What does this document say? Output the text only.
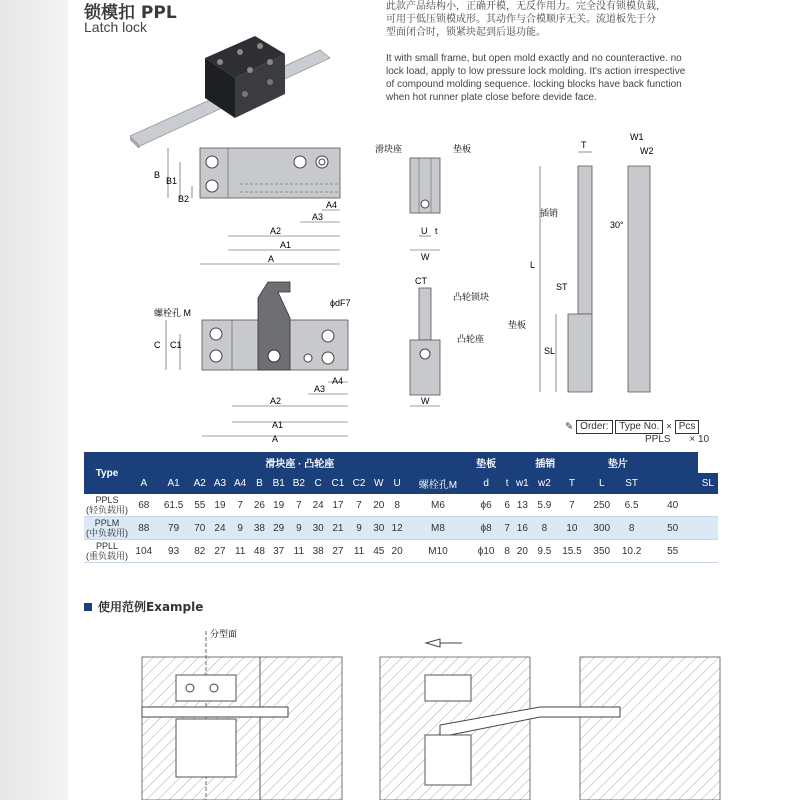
锁模扣 PPL
Latch lock
此款产品结构小，正确开模，无反作用力。完全没有锁模负载，
可用于低压锁模成形。其动作与合模顺序无关。流道板先于分
型面闭合时，锁紧块起到后退功能。
It with small frame, but open mold exactly and no counteractive. no
lock load, apply to low pressure lock molding. It's action irrespective
of compound molding sequence. locking blocks have back function
when hot runner plate close before devide face.
A
A1
A2
A3
A4
B
B1
B2
A
A1
A2
A3
A4
C C1
螺栓孔 M
ϕdF7
滑块座	垫板
U t
W
CT
凸轮锁块
凸轮座
W
T
W1
W2
插销
L
30°
ST
SL
垫板
✎ Order: Type No. × Pcs
PPLS × 10
Type	滑块座 · 凸轮座														垫板	插销				垫片			
	A	A1	A2	A3	A4	B	B1	B2	C	C1	C2	W	U	螺栓孔M	d	t	w1	w2	T	L	ST		SL

PPLS
(轻负载用)	68	61.5	55	19	7	26	19	7	24	17	7	20	8	M6	ϕ6	6	13	5.9	7	250	6.5	40	

PPLM
(中负载用)	88	79	70	24	9	38	29	9	30	21	9	30	12	M8	ϕ8	7	16	8	10	300	8	50	

PPLL
(重负载用)	104	93	82	27	11	48	37	11	38	27	11	45	20	M10	ϕ10	8	20	9.5	15.5	350	10.2	55	
使用范例Example
分型面
